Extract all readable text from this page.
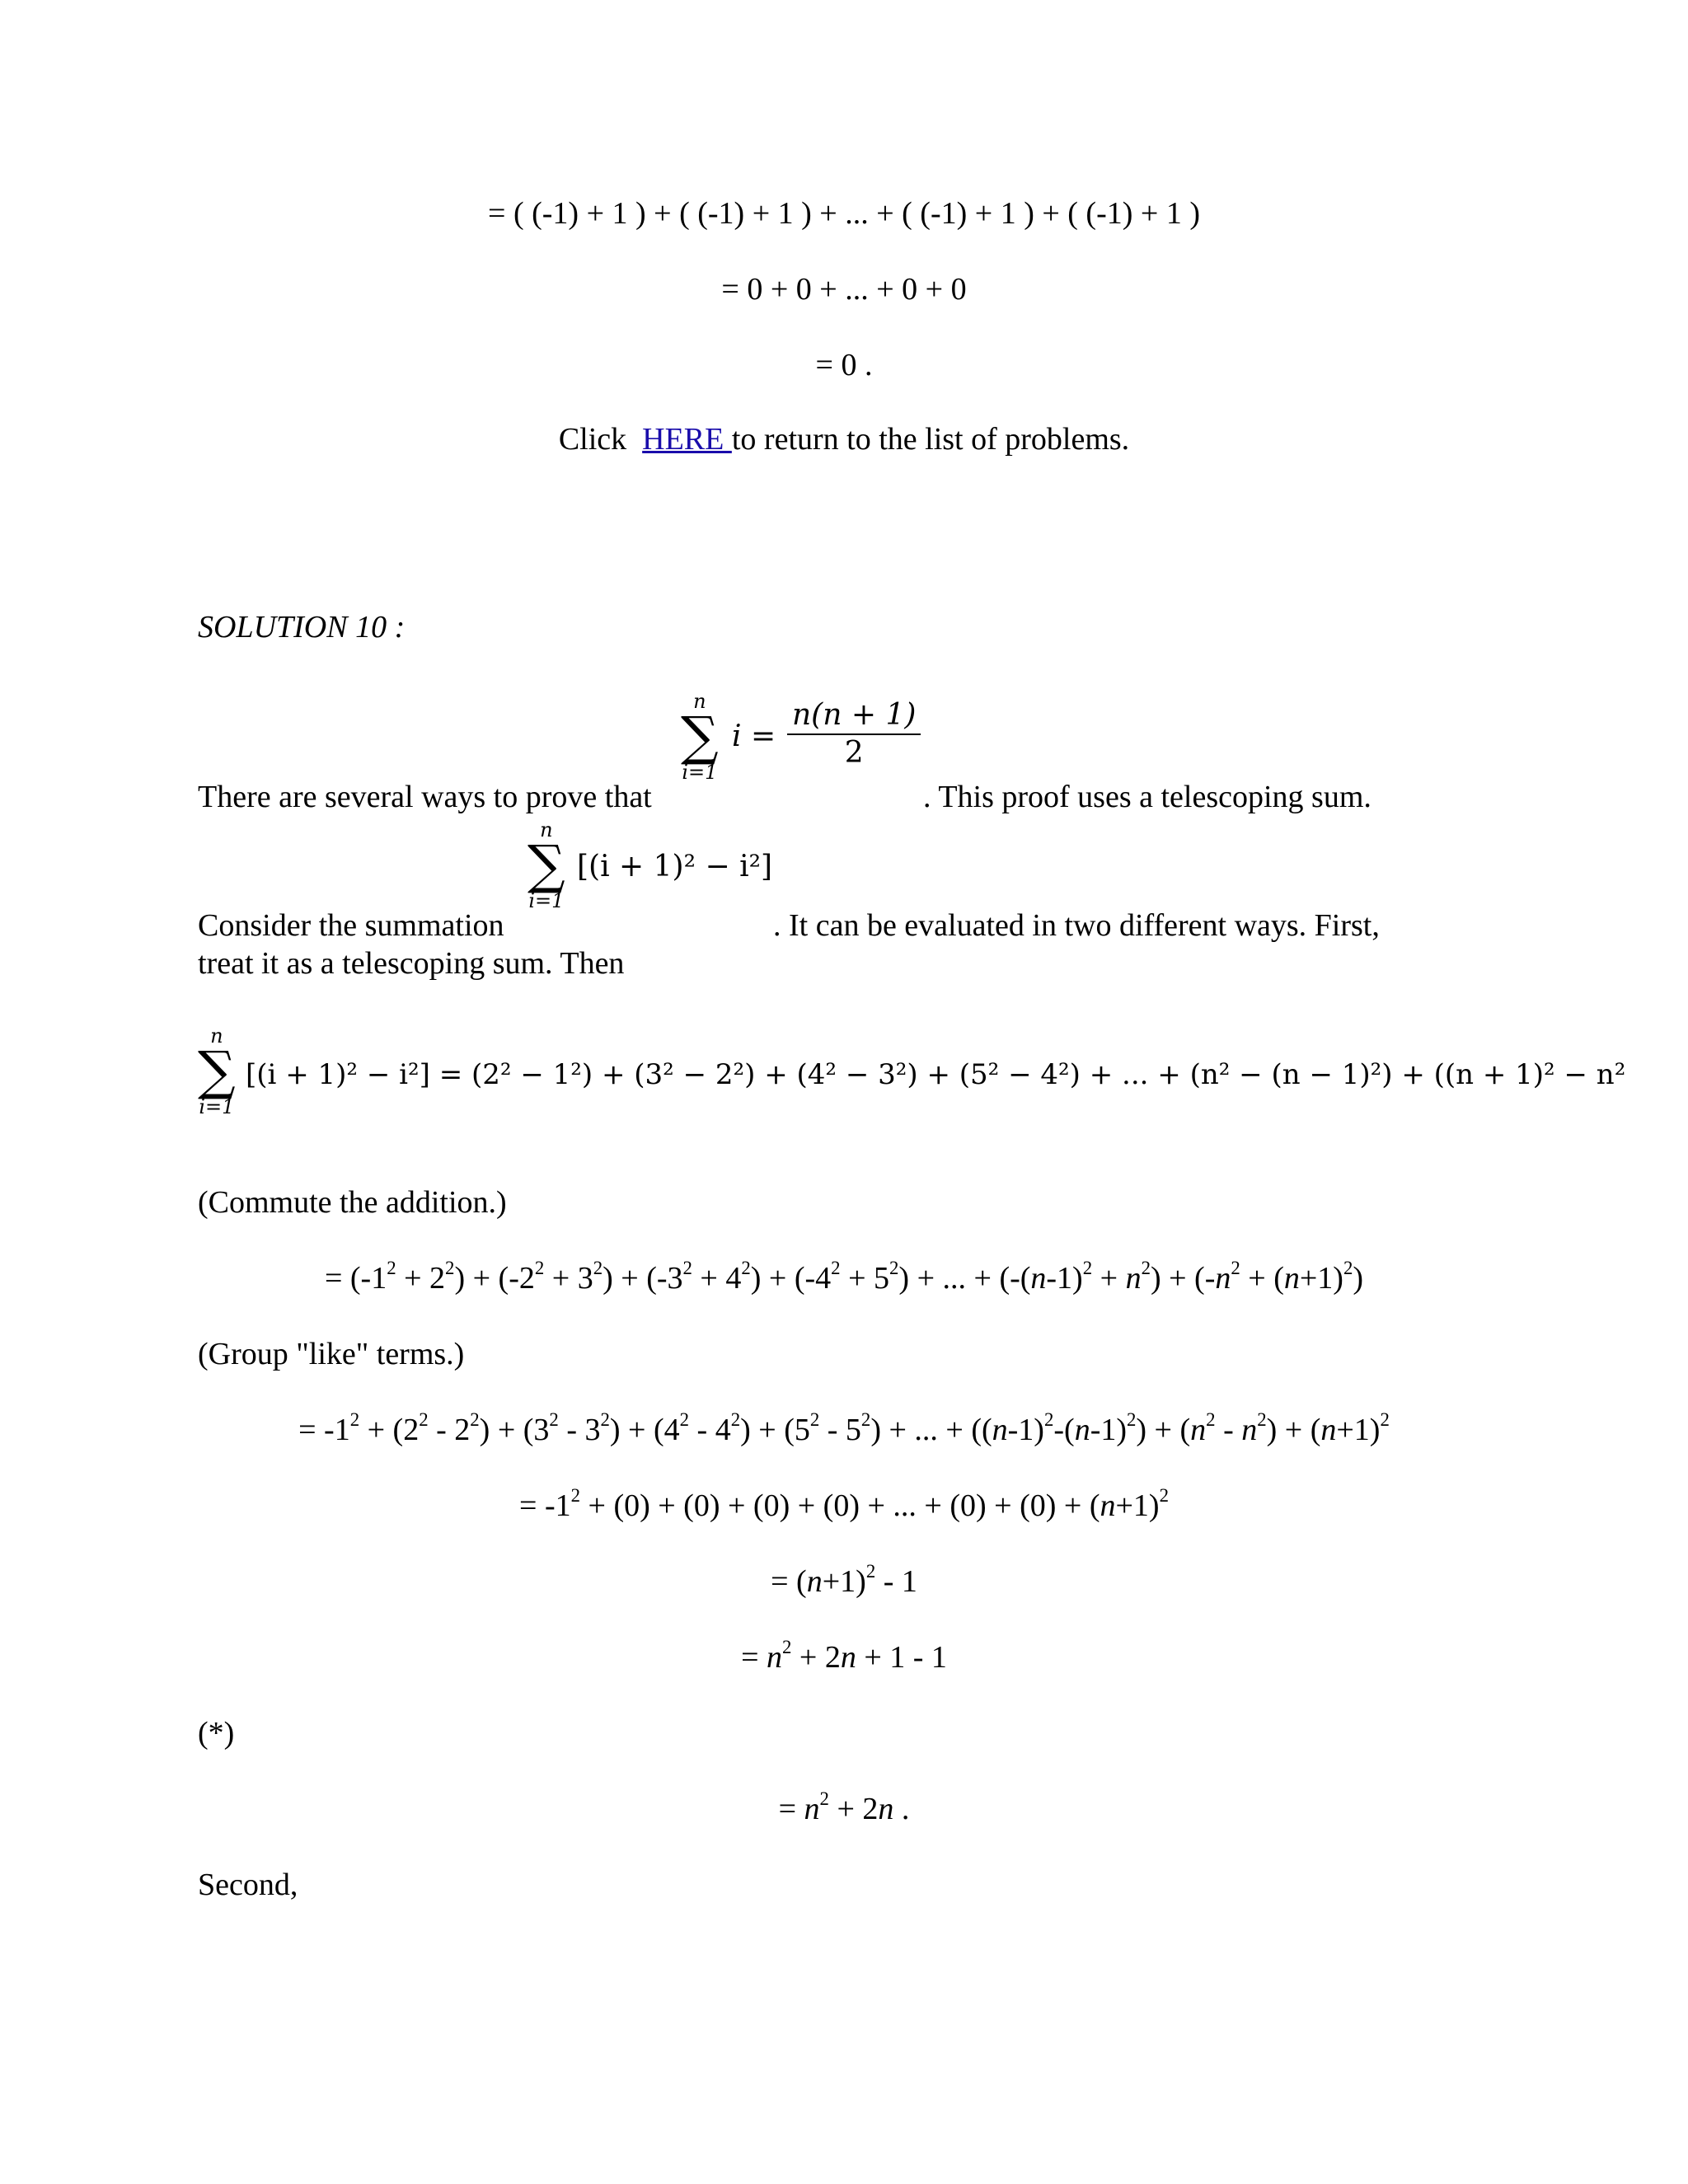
= ( (-1) + 1 ) + ( (-1) + 1 ) + ... + ( (-1) + 1 ) + ( (-1) + 1 )
= 0 + 0 + ... + 0 + 0
= 0 .
Click HERE to return to the list of problems.
SOLUTION 10 :
n
∑
i=1
$i = \frac{n(n + 1)}{2}$
There are several ways to prove that	. This proof uses a telescoping sum.
n
∑
i=1
[(i + 1)² − i²]
Consider the summation	. It can be evaluated in two different ways. First,
treat it as a telescoping sum. Then
n
∑
i=1
[(i + 1)² − i²] = (2² − 1²) + (3² − 2²) + (4² − 3²) + (5² − 4²) + ... + (n² − (n − 1)²) + ((n + 1)² − n²
(Commute the addition.)
= $(-1^2 + 2^2) + (-2^2 + 3^2) + (-3^2 + 4^2) + (-4^2 + 5^2)$ + ... + $(-(n-1)^2 + n^2) + (-n^2 + (n+1)^2)$
(Group "like" terms.)
= $-1^2 + (2^2 - 2^2) + (3^2 - 3^2) + (4^2 - 4^2) + (5^2 - 5^2)$ + ... + $((n-1)^2-(n-1)^2) + (n^2 - n^2) + (n+1)^2$
= $-1^2 + (0) + (0) + (0) + (0)$ + ... + $(0) + (0) + (n+1)^2$
= $(n+1)^2 - 1$
= $n^2 + 2n + 1 - 1$
(*)
= $n^2 + 2n$ .
Second,
